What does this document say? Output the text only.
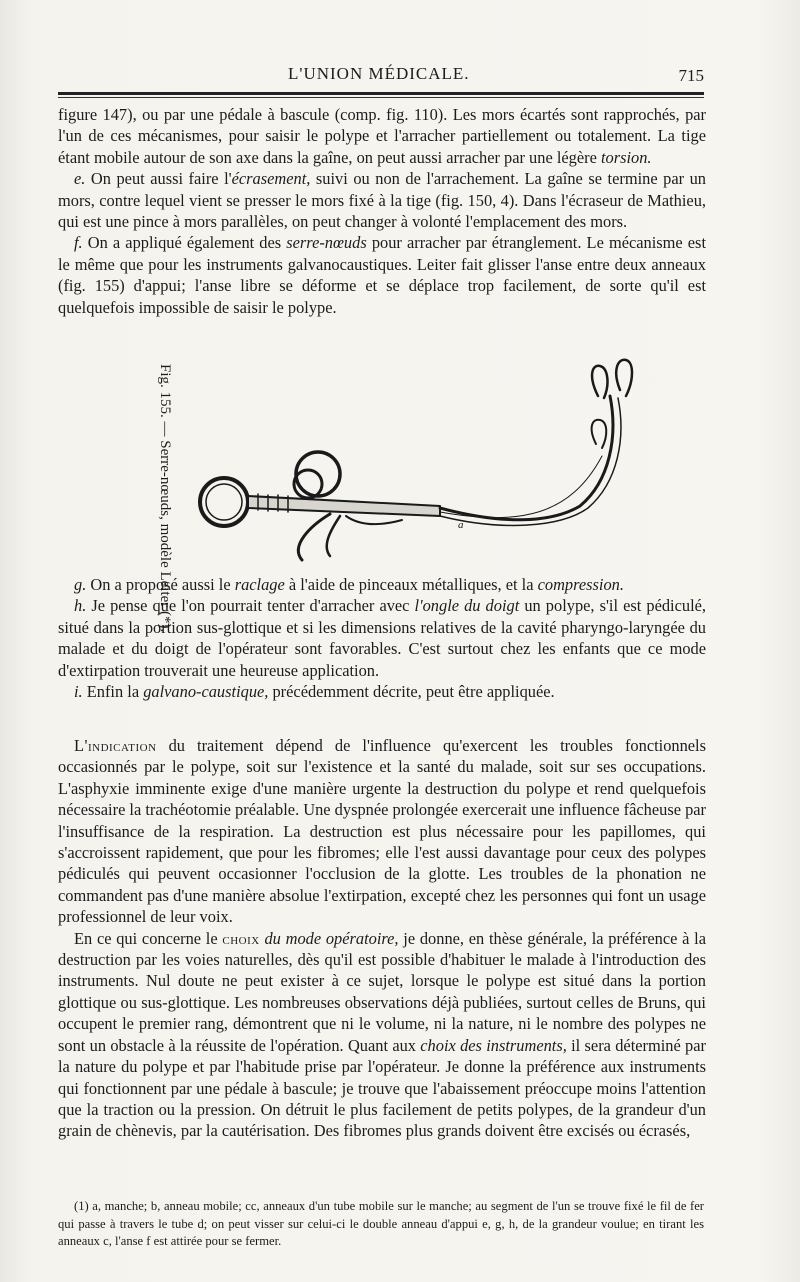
L'UNION MÉDICALE.	715

figure 147), ou par une pédale à bascule (comp. fig. 110). Les mors écartés sont rapprochés, par l'un de ces mécanismes, pour saisir le polype et l'arracher partiellement ou totalement. La tige étant mobile autour de son axe dans la gaîne, on peut aussi arracher par une légère torsion.

e. On peut aussi faire l'écrasement, suivi ou non de l'arrachement. La gaîne se termine par un mors, contre lequel vient se presser le mors fixé à la tige (fig. 150, 4). Dans l'écraseur de Mathieu, qui est une pince à mors parallèles, on peut changer à volonté l'emplacement des mors.

f. On a appliqué également des serre-nœuds pour arracher par étranglement. Le mécanisme est le même que pour les instruments galvanocaustiques. Leiter fait glisser l'anse entre deux anneaux (fig. 155) d'appui; l'anse libre se déforme et se déplace trop facilement, de sorte qu'il est quelquefois impossible de saisir le polype.

Fig. 155. — Serre-nœuds, modèle Leiter (*).	a

g. On a proposé aussi le raclage à l'aide de pinceaux métalliques, et la compression.

h. Je pense que l'on pourrait tenter d'arracher avec l'ongle du doigt un polype, s'il est pédiculé, situé dans la portion sus-glottique et si les dimensions relatives de la cavité pharyngo-laryngée du malade et du doigt de l'opérateur sont favorables. C'est surtout chez les enfants que ce mode d'extirpation trouverait une heureuse application.

i. Enfin la galvano-caustique, précédemment décrite, peut être appliquée.

L'indication du traitement dépend de l'influence qu'exercent les troubles fonctionnels occasionnés par le polype, soit sur l'existence et la santé du malade, soit sur ses occupations. L'asphyxie imminente exige d'une manière urgente la destruction du polype et rend quelquefois nécessaire la trachéotomie préalable. Une dyspnée prolongée exercerait une influence fâcheuse par l'insuffisance de la respiration. La destruction est plus nécessaire pour les papillomes, qui s'accroissent rapidement, que pour les fibromes; elle l'est aussi davantage pour ceux des polypes pédiculés qui peuvent occasionner l'occlusion de la glotte. Les troubles de la phonation ne commandent pas d'une manière absolue l'extirpation, excepté chez les personnes qui font un usage professionnel de leur voix.

En ce qui concerne le choix du mode opératoire, je donne, en thèse générale, la préférence à la destruction par les voies naturelles, dès qu'il est possible d'habituer le malade à l'introduction des instruments. Nul doute ne peut exister à ce sujet, lorsque le polype est situé dans la portion glottique ou sus-glottique. Les nombreuses observations déjà publiées, surtout celles de Bruns, qui occupent le premier rang, démontrent que ni le volume, ni la nature, ni le nombre des polypes ne sont un obstacle à la réussite de l'opération. Quant aux choix des instruments, il sera déterminé par la nature du polype et par l'habitude prise par l'opérateur. Je donne la préférence aux instruments qui fonctionnent par une pédale à bascule; je trouve que l'abaissement préoccupe moins l'attention que la traction ou la pression. On détruit le plus facilement de petits polypes, de la grandeur d'un grain de chènevis, par la cautérisation. Des fibromes plus grands doivent être excisés ou écrasés,

(1) a, manche; b, anneau mobile; cc, anneaux d'un tube mobile sur le manche; au segment de l'un se trouve fixé le fil de fer qui passe à travers le tube d; on peut visser sur celui-ci le double anneau d'appui e, g, h, de la grandeur voulue; en tirant les anneaux c, l'anse f est attirée pour se fermer.
